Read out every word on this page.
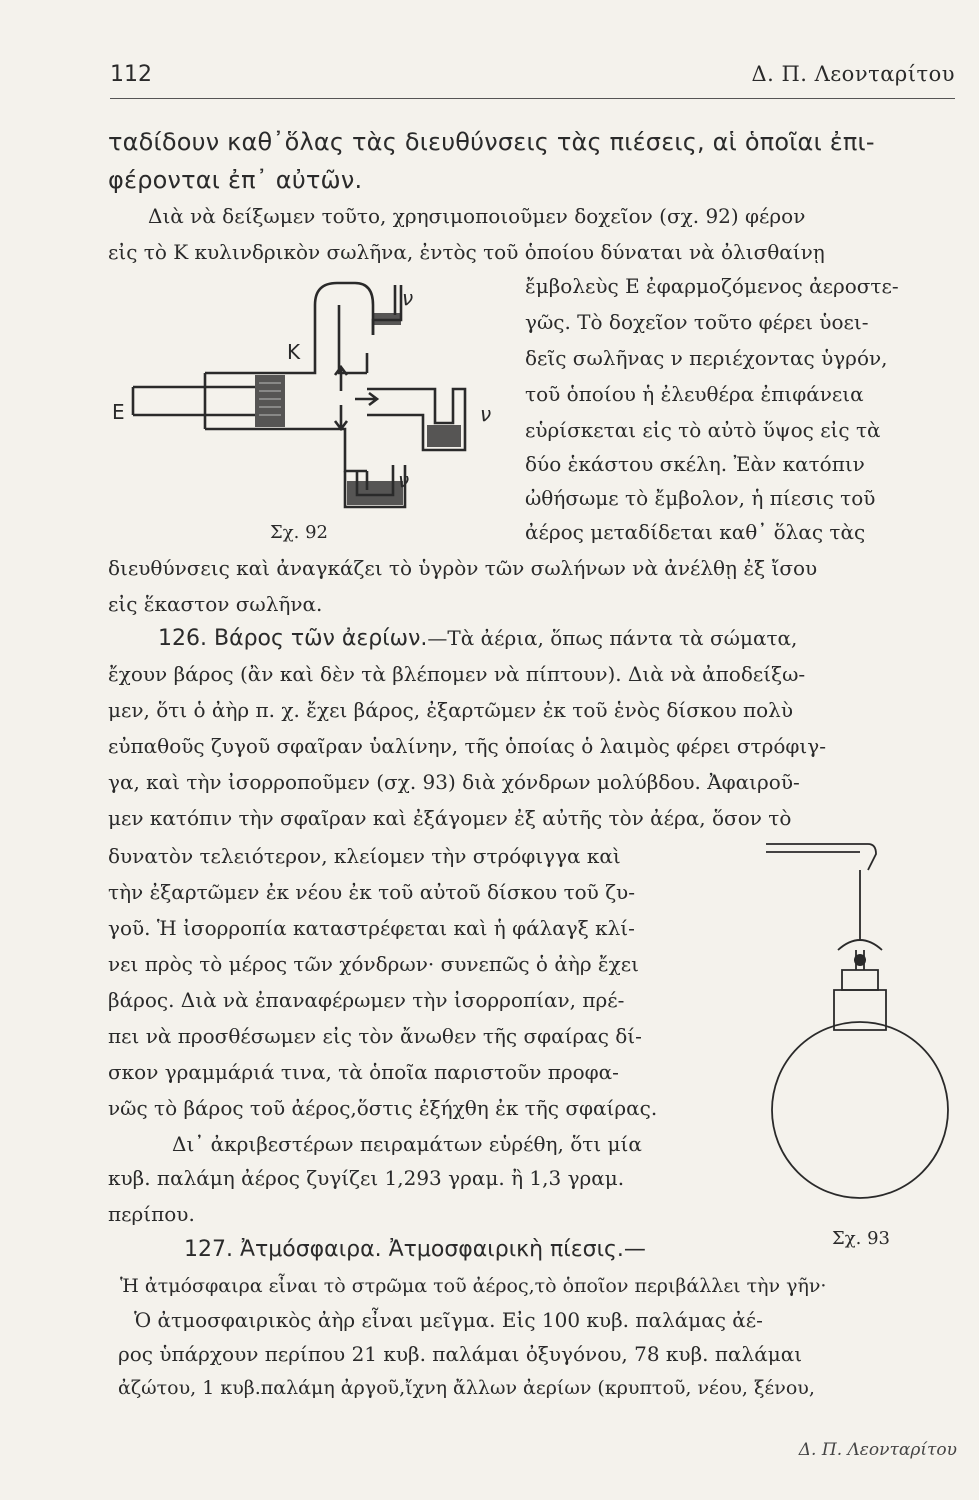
112	Δ. Π. Λεονταρίτου
ταδίδουν καθ᾽ὅλας τὰς διευθύνσεις τὰς πιέσεις, αἱ ὁποῖαι ἐπι-
φέρονται ἐπ᾽ αὐτῶν.
Διὰ νὰ δείξωμεν τοῦτο, χρησιμοποιοῦμεν δοχεῖον (σχ. 92) φέρον
εἰς τὸ Κ κυλινδρικὸν σωλῆνα, ἐντὸς τοῦ ὁποίου δύναται νὰ ὀλισθαίνῃ
ἔμβολεὺς Ε ἐφαρμοζόμενος ἀεροστε-
γῶς. Τὸ δοχεῖον τοῦτο φέρει ὑοει-
δεῖς σωλῆνας ν περιέχοντας ὑγρόν,
τοῦ ὁποίου ἡ ἐλευθέρα ἐπιφάνεια
εὑρίσκεται εἰς τὸ αὐτὸ ὕψος εἰς τὰ
δύο ἑκάστου σκέλη. Ἐὰν κατόπιν
ὠθήσωμε τὸ ἔμβολον, ἡ πίεσις τοῦ
ἀέρος μεταδίδεται καθ᾽ ὅλας τὰς
διευθύνσεις καὶ ἀναγκάζει τὸ ὑγρὸν τῶν σωλήνων νὰ ἀνέλθῃ ἐξ ἴσου
εἰς ἕκαστον σωλῆνα.
126. Βάρος τῶν ἀερίων.—Τὰ ἀέρια, ὅπως πάντα τὰ σώματα,
ἔχουν βάρος (ἂν καὶ δὲν τὰ βλέπομεν νὰ πίπτουν). Διὰ νὰ ἀποδείξω-
μεν, ὅτι ὁ ἀὴρ π. χ. ἔχει βάρος, ἐξαρτῶμεν ἐκ τοῦ ἑνὸς δίσκου πολὺ
εὐπαθοῦς ζυγοῦ σφαῖραν ὑαλίνην, τῆς ὁποίας ὁ λαιμὸς φέρει στρόφιγ-
γα, καὶ τὴν ἰσορροποῦμεν (σχ. 93) διὰ χόνδρων μολύβδου. Ἀφαιροῦ-
μεν κατόπιν τὴν σφαῖραν καὶ ἐξάγομεν ἐξ αὐτῆς τὸν ἀέρα, ὅσον τὸ
δυνατὸν τελειότερον, κλείομεν τὴν στρόφιγγα καὶ
τὴν ἐξαρτῶμεν ἐκ νέου ἐκ τοῦ αὐτοῦ δίσκου τοῦ ζυ-
γοῦ. Ἡ ἰσορροπία καταστρέφεται καὶ ἡ φάλαγξ κλί-
νει πρὸς τὸ μέρος τῶν χόνδρων· συνεπῶς ὁ ἀὴρ ἔχει
βάρος. Διὰ νὰ ἐπαναφέρωμεν τὴν ἰσορροπίαν, πρέ-
πει νὰ προσθέσωμεν εἰς τὸν ἄνωθεν τῆς σφαίρας δί-
σκον γραμμάριά τινα, τὰ ὁποῖα παριστοῦν προφα-
νῶς τὸ βάρος τοῦ ἀέρος,ὅστις ἐξήχθη ἐκ τῆς σφαίρας.
Δι᾽ ἀκριβεστέρων πειραμάτων εὑρέθη, ὅτι μία
κυβ. παλάμη ἀέρος ζυγίζει 1,293 γραμ. ἢ 1,3 γραμ.
περίπου.
127. Ἀτμόσφαιρα. Ἀτμοσφαιρικὴ πίεσις.—
Ἡ ἀτμόσφαιρα εἶναι τὸ στρῶμα τοῦ ἀέρος,τὸ ὁποῖον περιβάλλει τὴν γῆν·
Ὁ ἀτμοσφαιρικὸς ἀὴρ εἶναι μεῖγμα. Εἰς 100 κυβ. παλάμας ἀέ-
ρος ὑπάρχουν περίπου 21 κυβ. παλάμαι ὀξυγόνου, 78 κυβ. παλάμαι
ἀζώτου, 1 κυβ.παλάμη ἀργοῦ,ἴχνη ἄλλων ἀερίων (κρυπτοῦ, νέου, ξένου,
Κ
Ε
ν
ν
ν
Σχ. 92
Σχ. 93
Δ. Π. Λεονταρίτου
